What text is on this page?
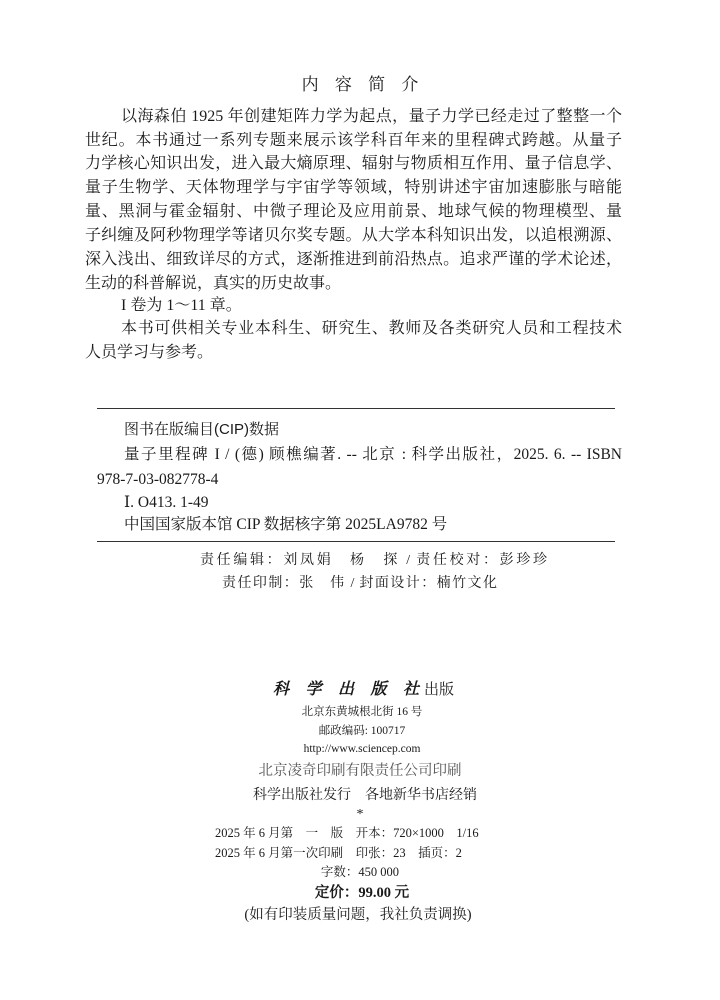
内 容 简 介
以海森伯 1925 年创建矩阵力学为起点，量子力学已经走过了整整一个
世纪。本书通过一系列专题来展示该学科百年来的里程碑式跨越。从量子
力学核心知识出发，进入最大熵原理、辐射与物质相互作用、量子信息学、
量子生物学、天体物理学与宇宙学等领域，特别讲述宇宙加速膨胀与暗能
量、黑洞与霍金辐射、中微子理论及应用前景、地球气候的物理模型、量
子纠缠及阿秒物理学等诸贝尔奖专题。从大学本科知识出发，以追根溯源、
深入浅出、细致详尽的方式，逐渐推进到前沿热点。追求严谨的学术论述，
生动的科普解说，真实的历史故事。
I 卷为 1～11 章。
本书可供相关专业本科生、研究生、教师及各类研究人员和工程技术
人员学习与参考。
图书在版编目(CIP)数据
量子里程碑 I / (德) 顾樵编著. -- 北京 : 科学出版社，2025. 6. -- ISBN
978-7-03-082778-4
Ⅰ. O413. 1-49
中国国家版本馆 CIP 数据核字第 2025LA9782 号
责任编辑：刘凤娟　杨　探 / 责任校对：彭珍珍
责任印制：张　伟 / 封面设计：楠竹文化
科学出版社 出版
北京东黄城根北街 16 号
邮政编码: 100717
http://www.sciencep.com
北京凌奇印刷有限责任公司印刷
科学出版社发行　各地新华书店经销
*
2025 年 6 月第　一　版　开本：720×1000　1/16
2025 年 6 月第一次印刷　印张：23　插页：2
字数：450 000
定价：99.00 元
(如有印装质量问题，我社负责调换)
